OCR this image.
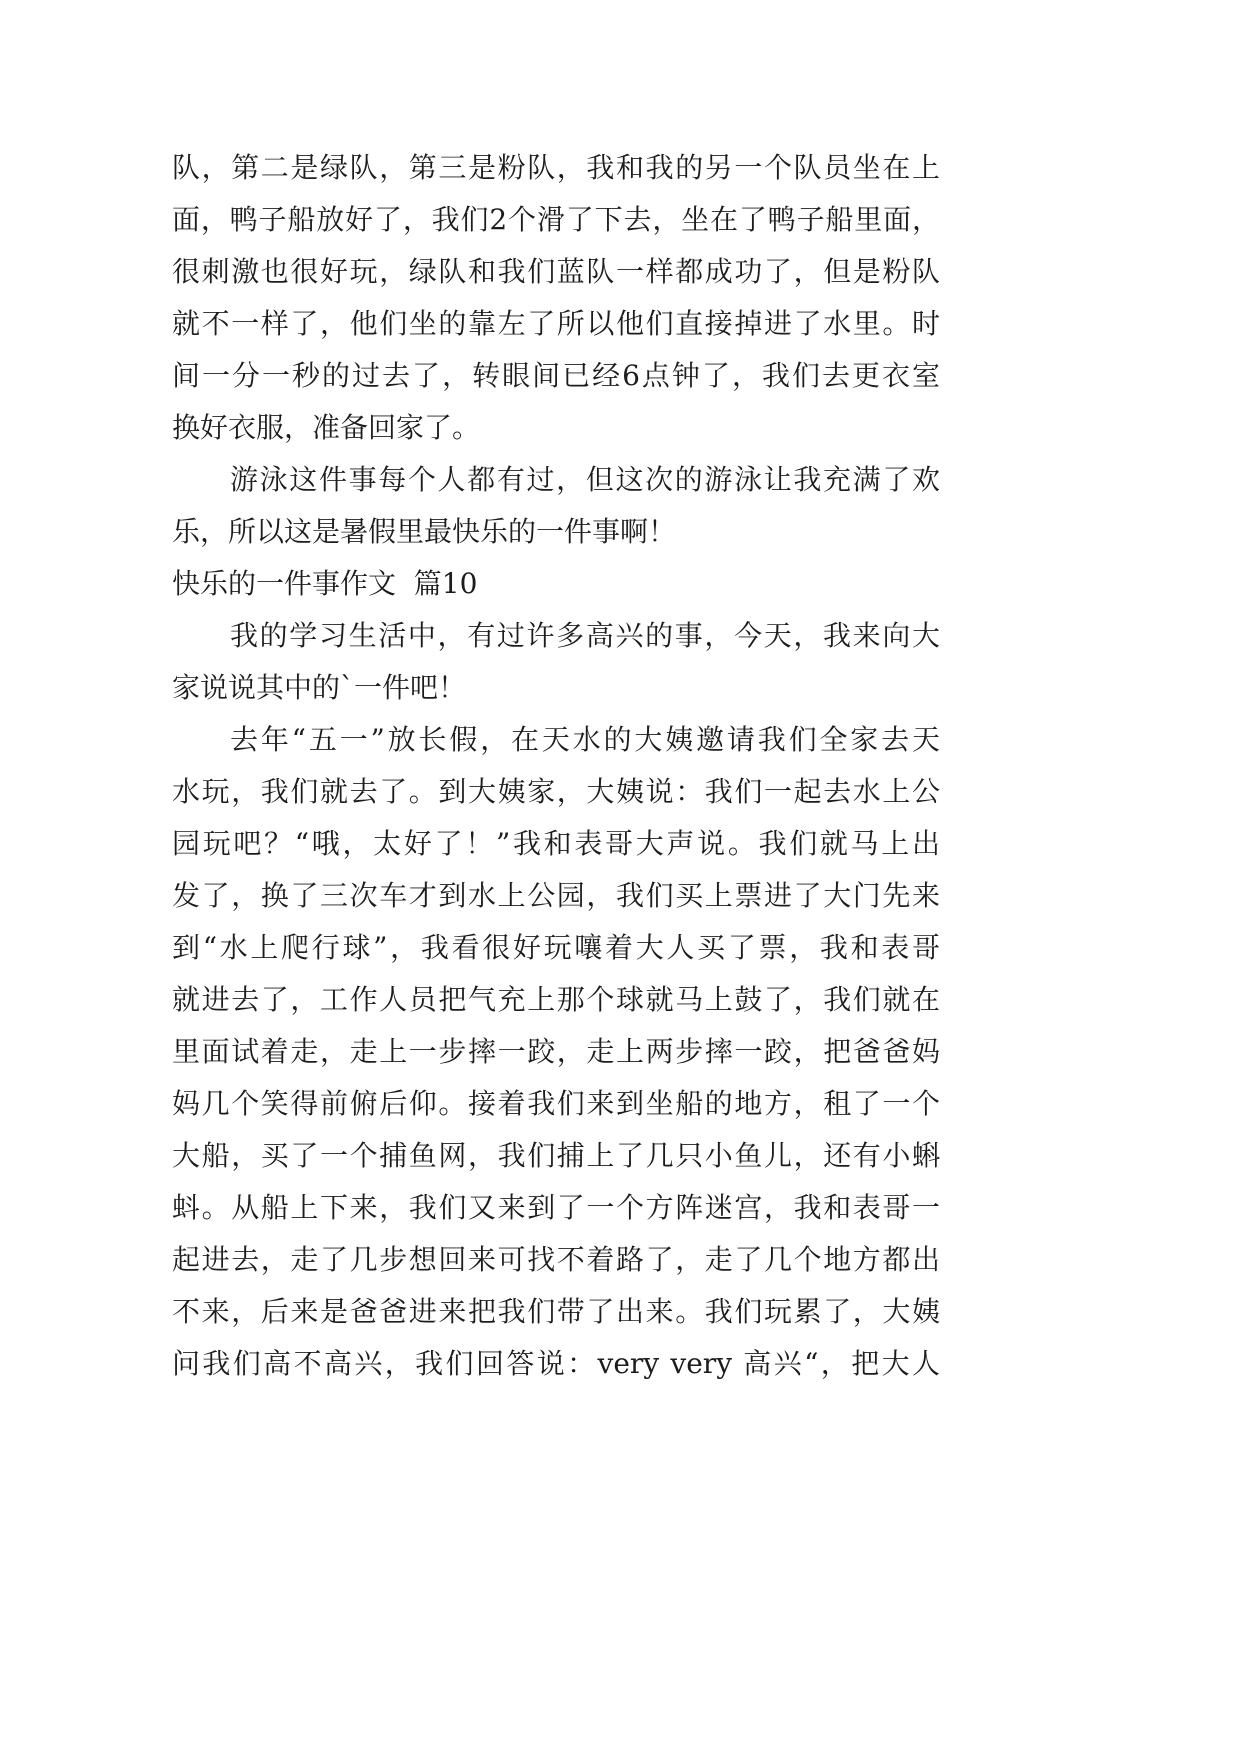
队，第二是绿队，第三是粉队，我和我的另一个队员坐在上
面，鸭子船放好了，我们2个滑了下去，坐在了鸭子船里面，
很刺激也很好玩，绿队和我们蓝队一样都成功了，但是粉队
就不一样了，他们坐的靠左了所以他们直接掉进了水里。时
间一分一秒的过去了，转眼间已经6点钟了，我们去更衣室
换好衣服，准备回家了。
游泳这件事每个人都有过，但这次的游泳让我充满了欢
乐，所以这是暑假里最快乐的一件事啊！
快乐的一件事作文  篇10
我的学习生活中，有过许多高兴的事，今天，我来向大
家说说其中的`一件吧！
去年“五一”放长假，在天水的大姨邀请我们全家去天
水玩，我们就去了。到大姨家，大姨说：我们一起去水上公
园玩吧？“哦，太好了！”我和表哥大声说。我们就马上出
发了，换了三次车才到水上公园，我们买上票进了大门先来
到“水上爬行球”，我看很好玩嚷着大人买了票，我和表哥
就进去了，工作人员把气充上那个球就马上鼓了，我们就在
里面试着走，走上一步摔一跤，走上两步摔一跤，把爸爸妈
妈几个笑得前俯后仰。接着我们来到坐船的地方，租了一个
大船，买了一个捕鱼网，我们捕上了几只小鱼儿，还有小蝌
蚪。从船上下来，我们又来到了一个方阵迷宫，我和表哥一
起进去，走了几步想回来可找不着路了，走了几个地方都出
不来，后来是爸爸进来把我们带了出来。我们玩累了，大姨
问我们高不高兴，我们回答说：very very 高兴“，把大人
